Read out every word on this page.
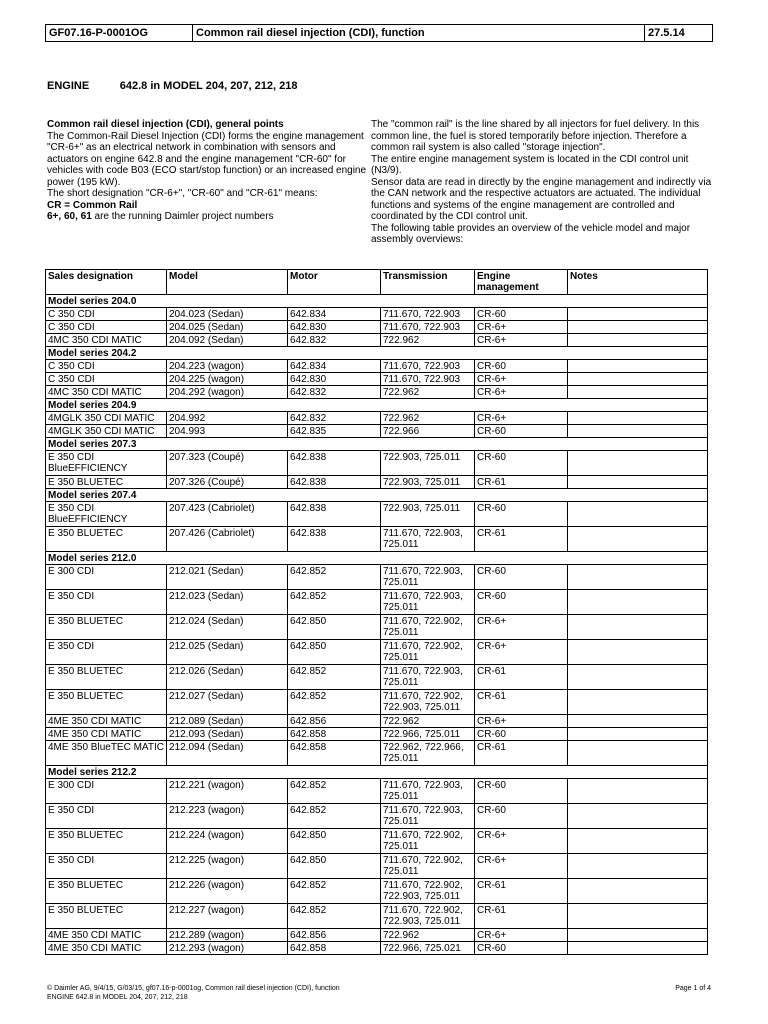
GF07.16-P-0001OG	Common rail diesel injection (CDI), function	27.5.14
ENGINE	642.8 in MODEL 204, 207, 212, 218

Common rail diesel injection (CDI), general points

The Common-Rail Diesel Injection (CDI) forms the engine management "CR-6+" as an electrical network in combination with sensors and actuators on engine 642.8 and the engine management "CR-60" for vehicles with code B03 (ECO start/stop function) or an increased engine power (195 kW).

The short designation "CR-6+", "CR-60" and "CR-61" means:

CR = Common Rail

6+, 60, 61 are the running Daimler project numbers

The "common rail" is the line shared by all injectors for fuel delivery. In this common line, the fuel is stored temporarily before injection. Therefore a common rail system is also called "storage injection".

The entire engine management system is located in the CDI control unit (N3/9).

Sensor data are read in directly by the engine management and indirectly via the CAN network and the respective actuators are actuated. The individual functions and systems of the engine management are controlled and coordinated by the CDI control unit.

The following table provides an overview of the vehicle model and major assembly overviews:

Sales designation	Model	Motor	Transmission	Engine management	Notes
Model series 204.0					
C 350 CDI	204.023 (Sedan)	642.834	711.670, 722.903	CR-60	
C 350 CDI	204.025 (Sedan)	642.830	711.670, 722.903	CR-6+	
4MC 350 CDI MATIC	204.092 (Sedan)	642.832	722.962	CR-6+	
Model series 204.2					
C 350 CDI	204.223 (wagon)	642.834	711.670, 722.903	CR-60	
C 350 CDI	204.225 (wagon)	642.830	711.670, 722.903	CR-6+	
4MC 350 CDI MATIC	204.292 (wagon)	642.832	722.962	CR-6+	
Model series 204.9					
4MGLK 350 CDI MATIC	204.992	642.832	722.962	CR-6+	
4MGLK 350 CDI MATIC	204.993	642.835	722.966	CR-60	
Model series 207.3					
E 350 CDI BlueEFFICIENCY	207.323 (Coupé)	642.838	722.903, 725.011	CR-60	
E 350 BLUETEC	207.326 (Coupé)	642.838	722.903, 725.011	CR-61	
Model series 207.4					
E 350 CDI BlueEFFICIENCY	207.423 (Cabriolet)	642.838	722.903, 725.011	CR-60	
E 350 BLUETEC	207.426 (Cabriolet)	642.838	711.670, 722.903, 725.011	CR-61	
Model series 212.0					
E 300 CDI	212.021 (Sedan)	642.852	711.670, 722.903, 725.011	CR-60	
E 350 CDI	212.023 (Sedan)	642.852	711.670, 722.903, 725.011	CR-60	
E 350 BLUETEC	212.024 (Sedan)	642.850	711.670, 722.902, 725.011	CR-6+	
E 350 CDI	212.025 (Sedan)	642.850	711.670, 722.902, 725.011	CR-6+	
E 350 BLUETEC	212.026 (Sedan)	642.852	711.670, 722.903, 725.011	CR-61	
E 350 BLUETEC	212.027 (Sedan)	642.852	711.670, 722.902, 722.903, 725.011	CR-61	
4ME 350 CDI MATIC	212.089 (Sedan)	642.856	722.962	CR-6+	
4ME 350 CDI MATIC	212.093 (Sedan)	642.858	722.966, 725.011	CR-60	
4ME 350 BlueTEC MATIC	212.094 (Sedan)	642.858	722.962, 722.966, 725.011	CR-61	
Model series 212.2					
E 300 CDI	212.221 (wagon)	642.852	711.670, 722.903, 725.011	CR-60	
E 350 CDI	212.223 (wagon)	642.852	711.670, 722.903, 725.011	CR-60	
E 350 BLUETEC	212.224 (wagon)	642.850	711.670, 722.902, 725.011	CR-6+	
E 350 CDI	212.225 (wagon)	642.850	711.670, 722.902, 725.011	CR-6+	
E 350 BLUETEC	212.226 (wagon)	642.852	711.670, 722.902, 722.903, 725.011	CR-61	
E 350 BLUETEC	212.227 (wagon)	642.852	711.670, 722.902, 722.903, 725.011	CR-61	
4ME 350 CDI MATIC	212.289 (wagon)	642.856	722.962	CR-6+	
4ME 350 CDI MATIC	212.293 (wagon)	642.858	722.966, 725.021	CR-60	
© Daimler AG, 9/4/15, G/03/15, gf07.16-p-0001og, Common rail diesel injection (CDI), function
ENGINE 642.8 in MODEL 204, 207, 212, 218
Page 1 of 4
